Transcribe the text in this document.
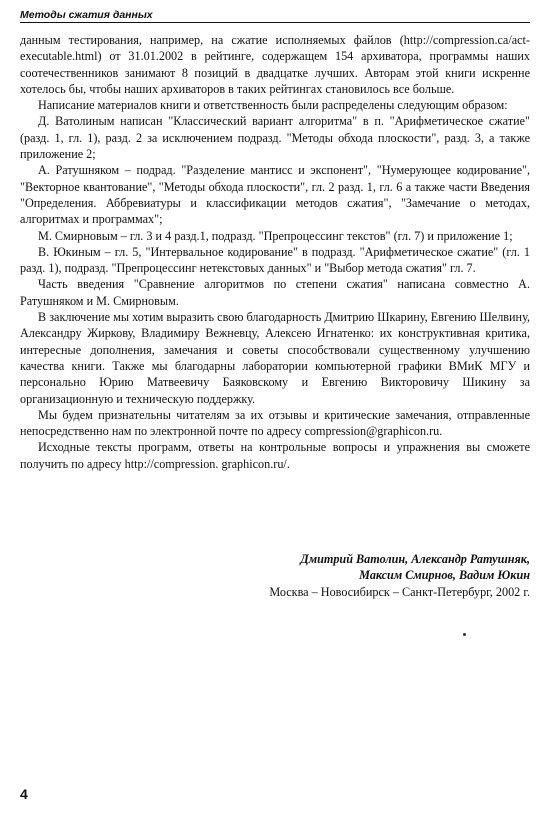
Методы сжатия данных

данным тестирования, например, на сжатие исполняемых файлов (http://compression.ca/act-executable.html) от 31.01.2002 в рейтинге, содержащем 154 архиватора, программы наших соотечественников занимают 8 позиций в двадцатке лучших. Авторам этой книги искренне хотелось бы, чтобы наших архиваторов в таких рейтингах становилось все больше.

Написание материалов книги и ответственность были распределены следующим образом:

Д. Ватолиным написан "Классический вариант алгоритма" в п. "Арифметическое сжатие" (разд. 1, гл. 1), разд. 2 за исключением подразд. "Методы обхода плоскости", разд. 3, а также приложение 2;

А. Ратушняком – подрад. "Разделение мантисс и экспонент", "Нумерующее кодирование", "Векторное квантование", "Методы обхода плоскости", гл. 2 разд. 1, гл. 6 а также части Введения "Определения. Аббревиатуры и классификации методов сжатия", "Замечание о методах, алгоритмах и программах";

М. Смирновым – гл. 3 и 4 разд.1, подразд. "Препроцессинг текстов" (гл. 7) и приложение 1;

В. Юкиным – гл. 5, "Интервальное кодирование" в подразд. "Арифметическое сжатие" (гл. 1 разд. 1), подразд. "Препроцессинг нетекстовых данных" и "Выбор метода сжатия" гл. 7.

Часть введения "Сравнение алгоритмов по степени сжатия" написана совместно А. Ратушняком и М. Смирновым.

В заключение мы хотим выразить свою благодарность Дмитрию Шкарину, Евгению Шелвину, Александру Жиркову, Владимиру Вежневцу, Алексею Игнатенко: их конструктивная критика, интересные дополнения, замечания и советы способствовали существенному улучшению качества книги. Также мы благодарны лаборатории компьютерной графики ВМиК МГУ и персонально Юрию Матвеевичу Баяковскому и Евгению Викторовичу Шикину за организационную и техническую поддержку.

Мы будем признательны читателям за их отзывы и критические замечания, отправленные непосредственно нам по электронной почте по адресу compression@graphicon.ru.

Исходные тексты программ, ответы на контрольные вопросы и упражнения вы сможете получить по адресу http://compression. graphicon.ru/.

Дмитрий Ватолин, Александр Ратушняк,
Максим Смирнов, Вадим Юкин
Москва – Новосибирск – Санкт-Петербург, 2002 г.
4
